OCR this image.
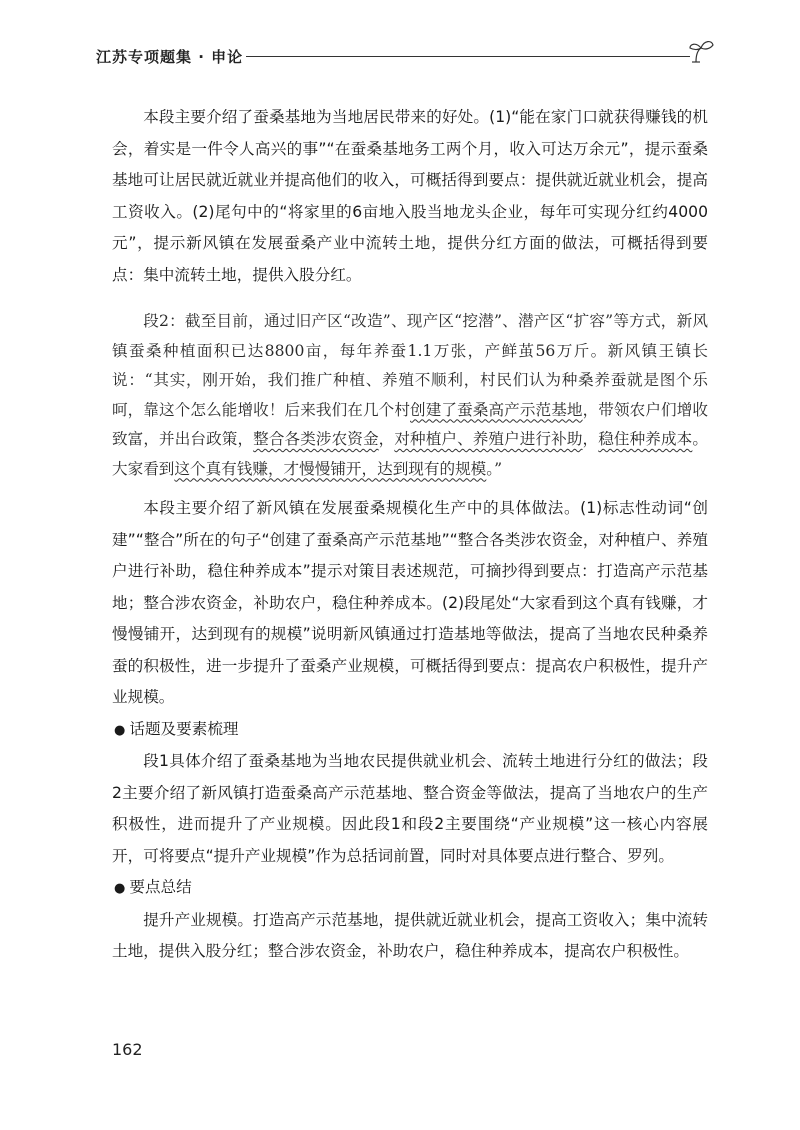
江苏专项题集 · 申论

本段主要介绍了蚕桑基地为当地居民带来的好处。(1)“能在家门口就获得赚钱的机会，着实是一件令人高兴的事”“在蚕桑基地务工两个月，收入可达万余元”，提示蚕桑基地可让居民就近就业并提高他们的收入，可概括得到要点：提供就近就业机会，提高工资收入。(2)尾句中的“将家里的6亩地入股当地龙头企业，每年可实现分红约4000元”，提示新风镇在发展蚕桑产业中流转土地，提供分红方面的做法，可概括得到要点：集中流转土地，提供入股分红。

段2：截至目前，通过旧产区“改造”、现产区“挖潜”、潜产区“扩容”等方式，新风镇蚕桑种植面积已达8800亩，每年养蚕1.1万张，产鲜茧56万斤。新风镇王镇长说：“其实，刚开始，我们推广种植、养殖不顺利，村民们认为种桑养蚕就是图个乐呵，靠这个怎么能增收！后来我们在几个村创建了蚕桑高产示范基地，带领农户们增收致富，并出台政策，整合各类涉农资金，对种植户、养殖户进行补助，稳住种养成本。大家看到这个真有钱赚，才慢慢铺开，达到现有的规模。”

本段主要介绍了新风镇在发展蚕桑规模化生产中的具体做法。(1)标志性动词“创建”“整合”所在的句子“创建了蚕桑高产示范基地”“整合各类涉农资金，对种植户、养殖户进行补助，稳住种养成本”提示对策目表述规范，可摘抄得到要点：打造高产示范基地；整合涉农资金，补助农户，稳住种养成本。(2)段尾处“大家看到这个真有钱赚，才慢慢铺开，达到现有的规模”说明新风镇通过打造基地等做法，提高了当地农民种桑养蚕的积极性，进一步提升了蚕桑产业规模，可概括得到要点：提高农户积极性，提升产业规模。

● 话题及要素梳理

段1具体介绍了蚕桑基地为当地农民提供就业机会、流转土地进行分红的做法；段2主要介绍了新风镇打造蚕桑高产示范基地、整合资金等做法，提高了当地农户的生产积极性，进而提升了产业规模。因此段1和段2主要围绕“产业规模”这一核心内容展开，可将要点“提升产业规模”作为总括词前置，同时对具体要点进行整合、罗列。

● 要点总结

提升产业规模。打造高产示范基地，提供就近就业机会，提高工资收入；集中流转土地，提供入股分红；整合涉农资金，补助农户，稳住种养成本，提高农户积极性。

162
